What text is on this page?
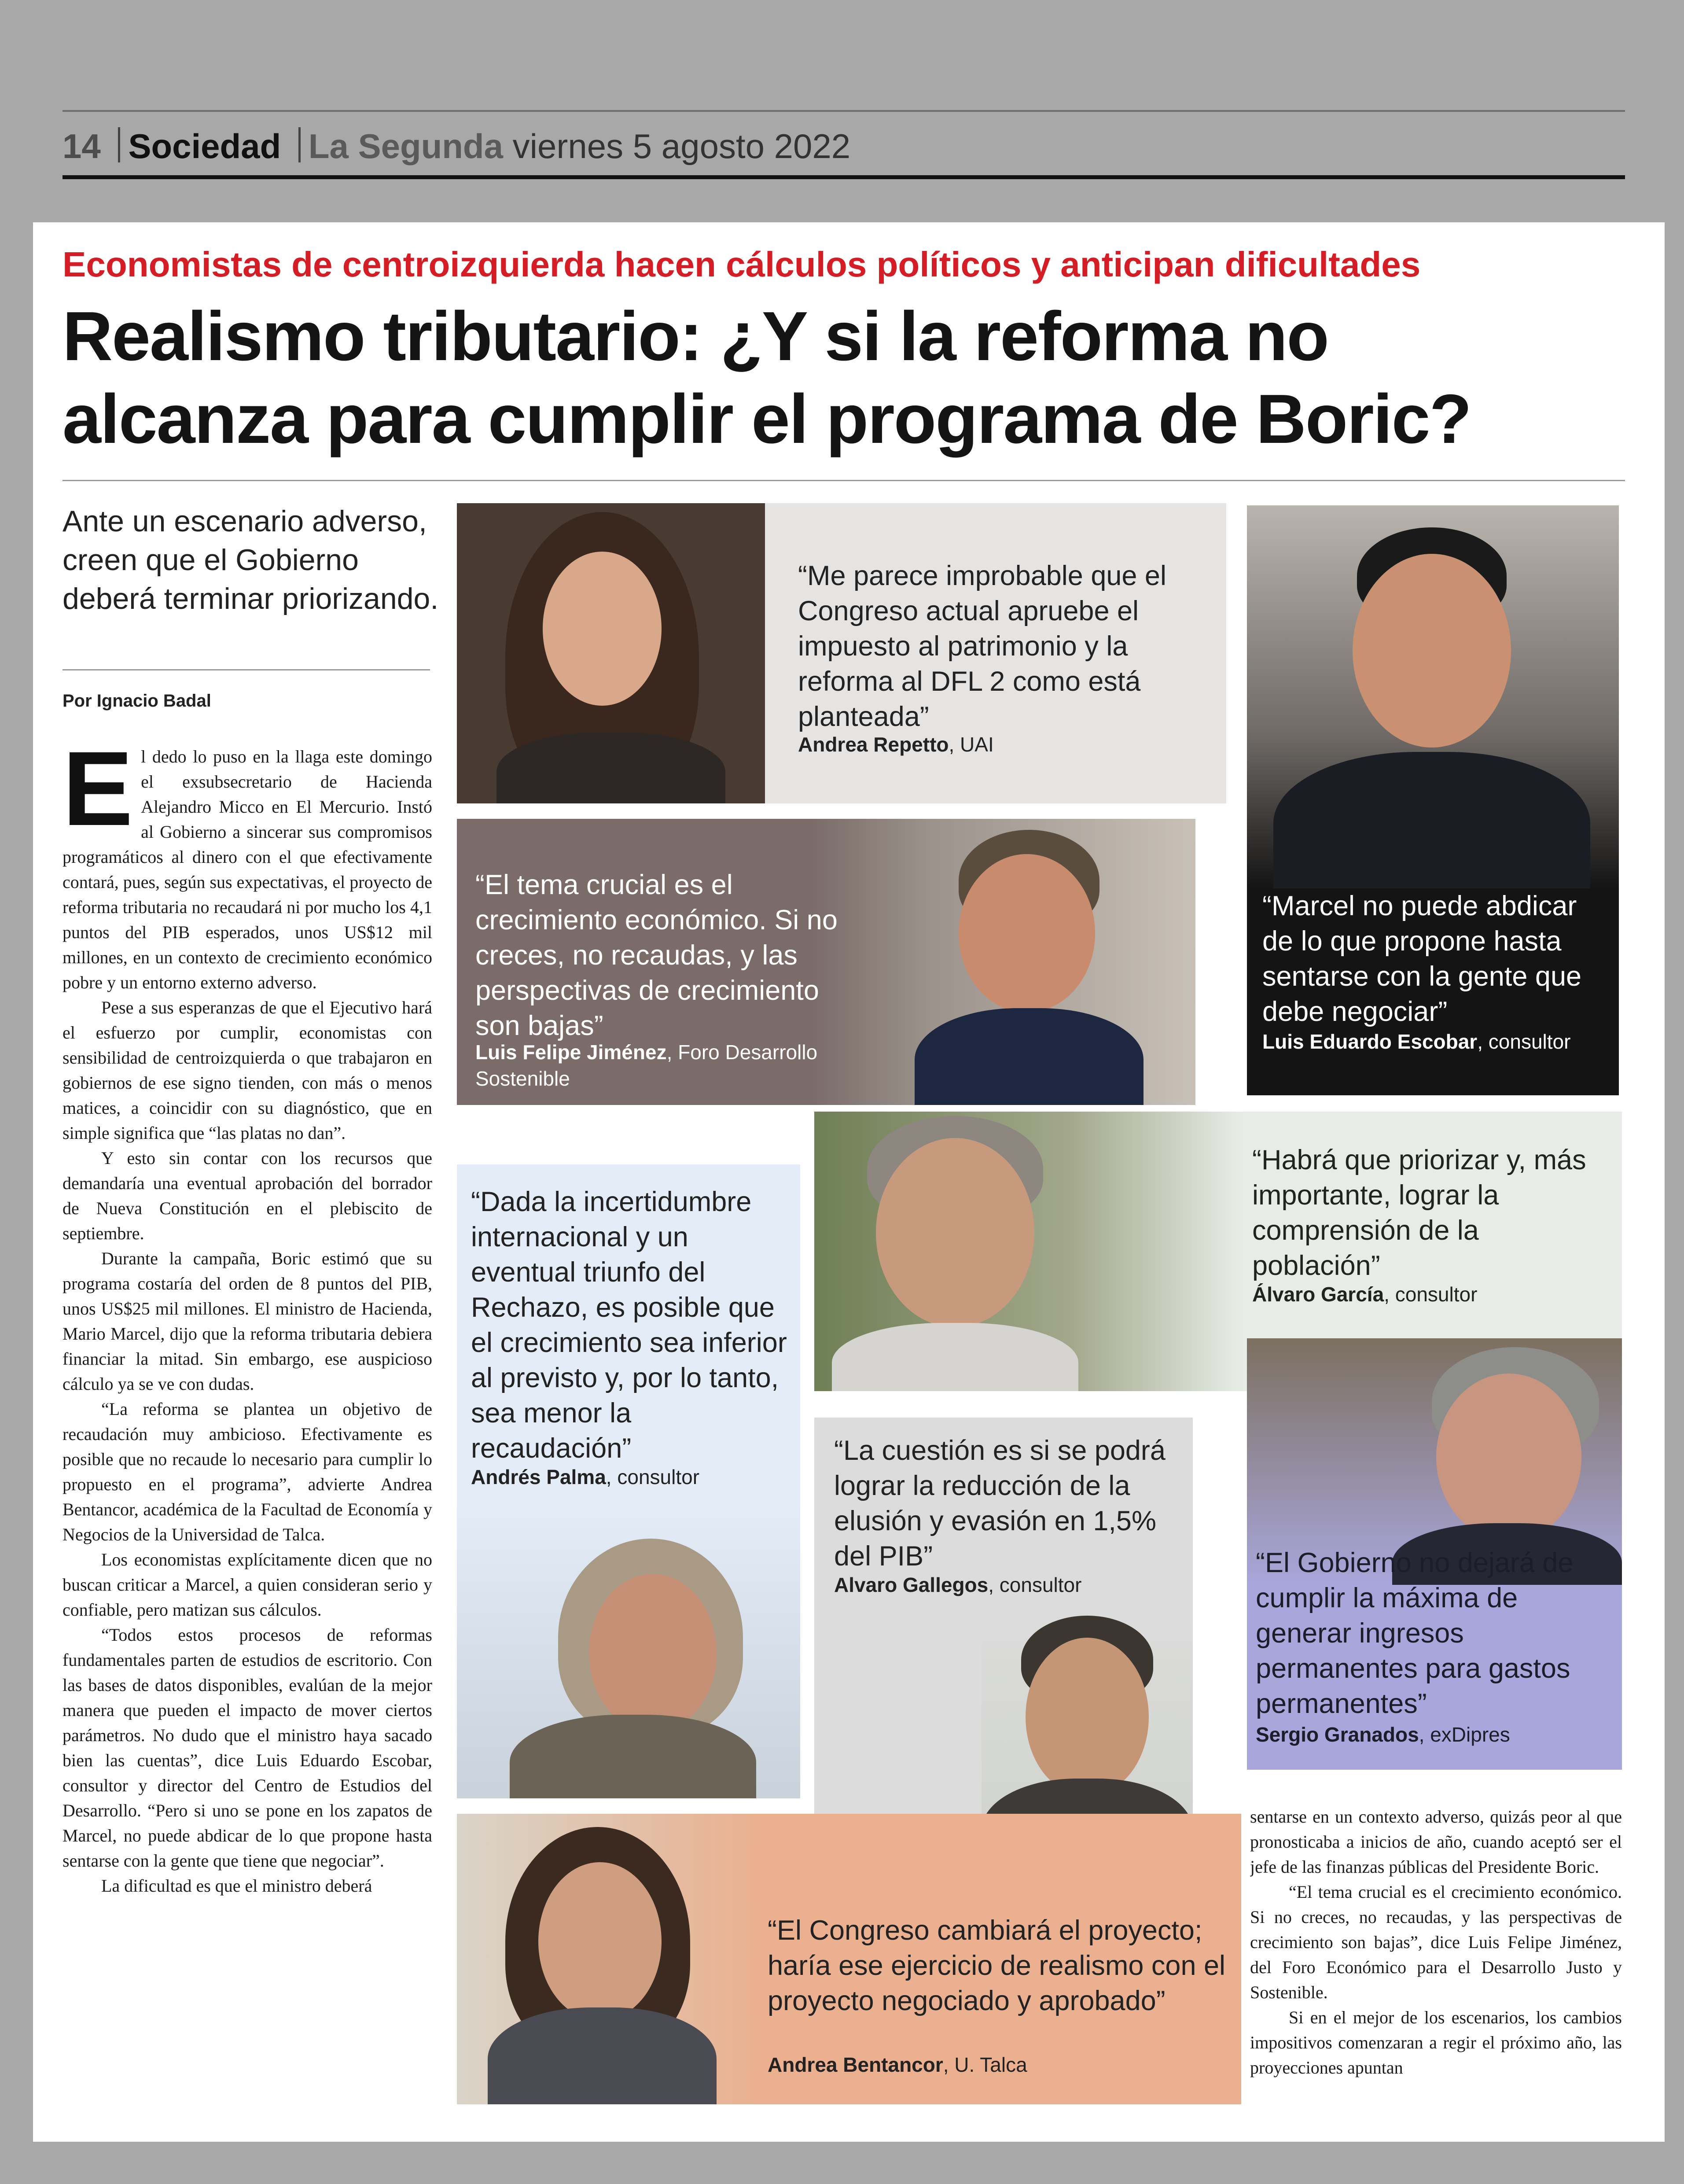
14 Sociedad La Segunda viernes 5 agosto 2022
Economistas de centroizquierda hacen cálculos políticos y anticipan dificultades
Realismo tributario: ¿Y si la reforma no alcanza para cumplir el programa de Boric?
Ante un escenario adverso, creen que el Gobierno deberá terminar priorizando.
Por Ignacio Badal

El dedo lo puso en la llaga este domingo el exsubsecretario de Hacienda Alejandro Micco en El Mercurio. Instó al Gobierno a sincerar sus compromisos programáticos al dinero con el que efectivamente contará, pues, según sus expectativas, el proyecto de reforma tributaria no recaudará ni por mucho los 4,1 puntos del PIB esperados, unos US$12 mil millones, en un contexto de crecimiento económico pobre y un entorno externo adverso.

Pese a sus esperanzas de que el Ejecutivo hará el esfuerzo por cumplir, economistas con sensibilidad de centroizquierda o que trabajaron en gobiernos de ese signo tienden, con más o menos matices, a coincidir con su diagnóstico, que en simple significa que “las platas no dan”.

Y esto sin contar con los recursos que demandaría una eventual aprobación del borrador de Nueva Constitución en el plebiscito de septiembre.

Durante la campaña, Boric estimó que su programa costaría del orden de 8 puntos del PIB, unos US$25 mil millones. El ministro de Hacienda, Mario Marcel, dijo que la reforma tributaria debiera financiar la mitad. Sin embargo, ese auspicioso cálculo ya se ve con dudas.

“La reforma se plantea un objetivo de recaudación muy ambicioso. Efectivamente es posible que no recaude lo necesario para cumplir lo propuesto en el programa”, advierte Andrea Bentancor, académica de la Facultad de Economía y Negocios de la Universidad de Talca.

Los economistas explícitamente dicen que no buscan criticar a Marcel, a quien consideran serio y confiable, pero matizan sus cálculos.

“Todos estos procesos de reformas fundamentales parten de estudios de escritorio. Con las bases de datos disponibles, evalúan de la mejor manera que pueden el impacto de mover ciertos parámetros. No dudo que el ministro haya sacado bien las cuentas”, dice Luis Eduardo Escobar, consultor y director del Centro de Estudios del Desarrollo. “Pero si uno se pone en los zapatos de Marcel, no puede abdicar de lo que propone hasta sentarse con la gente que tiene que negociar”.

La dificultad es que el ministro deberá

“Me parece improbable que el Congreso actual apruebe el impuesto al patrimonio y la reforma al DFL 2 como está planteada”
Andrea Repetto, UAI
“Marcel no puede abdicar de lo que propone hasta sentarse con la gente que debe negociar”
Luis Eduardo Escobar, consultor
“El tema crucial es el crecimiento económico. Si no creces, no recaudas, y las perspectivas de crecimiento son bajas”
Luis Felipe Jiménez, Foro Desarrollo Sostenible
“Habrá que priorizar y, más importante, lograr la comprensión de la población”
Álvaro García, consultor
“Dada la incertidumbre internacional y un eventual triunfo del Rechazo, es posible que el crecimiento sea inferior al previsto y, por lo tanto, sea menor la recaudación”
Andrés Palma, consultor
“La cuestión es si se podrá lograr la reducción de la elusión y evasión en 1,5% del PIB”
Alvaro Gallegos, consultor
“El Gobierno no dejará de cumplir la máxima de generar ingresos permanentes para gastos permanentes”
Sergio Granados, exDipres
“El Congreso cambiará el proyecto; haría ese ejercicio de realismo con el proyecto negociado y aprobado”
Andrea Bentancor, U. Talca

sentarse en un contexto adverso, quizás peor al que pronosticaba a inicios de año, cuando aceptó ser el jefe de las finanzas públicas del Presidente Boric.

“El tema crucial es el crecimiento económico. Si no creces, no recaudas, y las perspectivas de crecimiento son bajas”, dice Luis Felipe Jiménez, del Foro Económico para el Desarrollo Justo y Sostenible.

Si en el mejor de los escenarios, los cambios impositivos comenzaran a regir el próximo año, las proyecciones apuntan
